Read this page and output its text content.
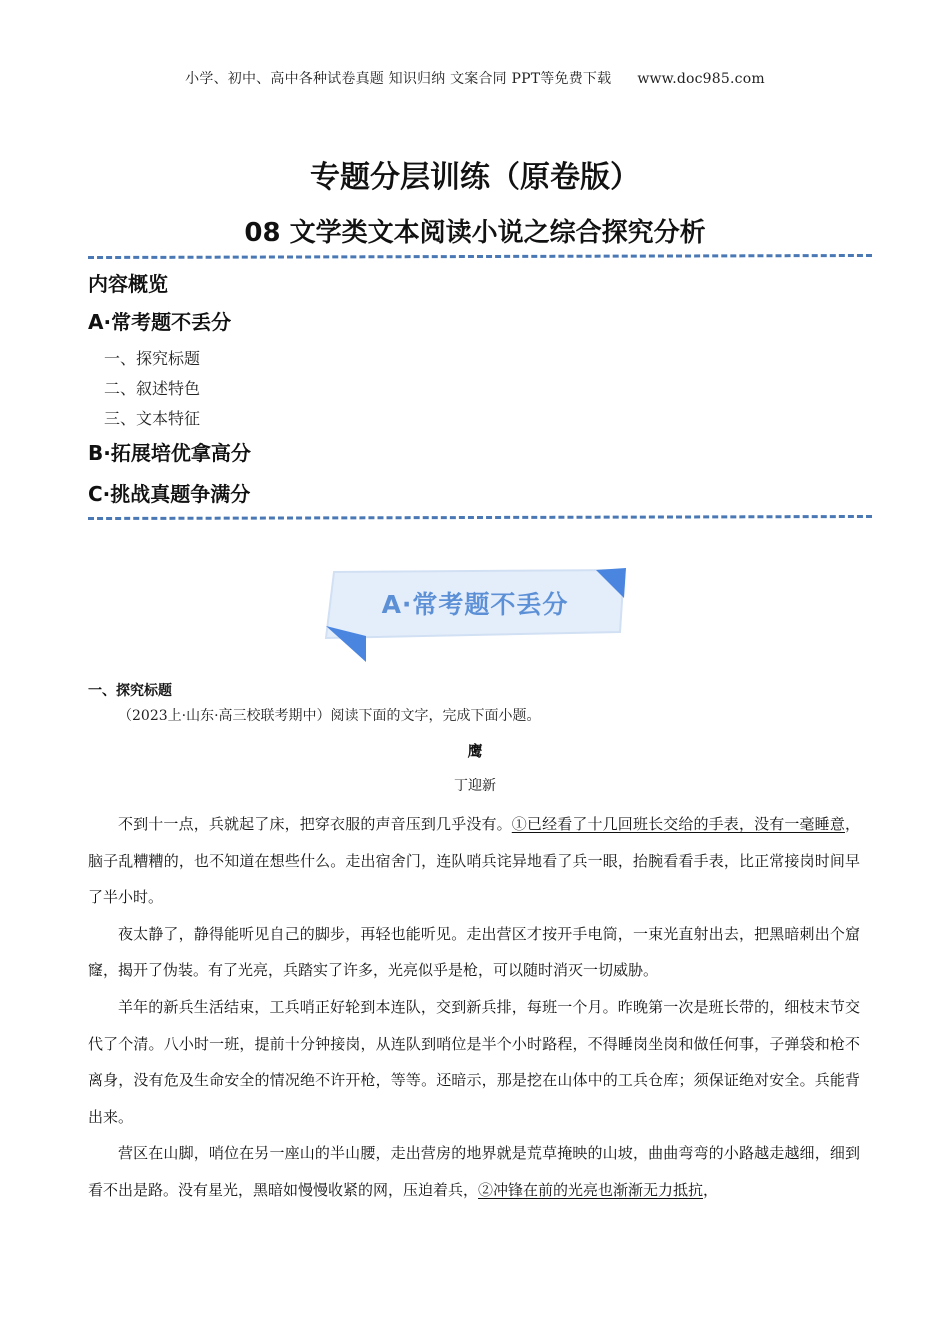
小学、初中、高中各种试卷真题 知识归纳 文案合同 PPT等免费下载 www.doc985.com
专题分层训练（原卷版）
08 文学类文本阅读小说之综合探究分析
内容概览
A·常考题不丢分
一、探究标题
二、叙述特色
三、文本特征
B·拓展培优拿高分
C·挑战真题争满分
A·常考题不丢分
一、探究标题
（2023上·山东·高三校联考期中）阅读下面的文字，完成下面小题。
鹰
丁迎新

不到十一点，兵就起了床，把穿衣服的声音压到几乎没有。①已经看了十几回班长交给的手表，没有一毫睡意，脑子乱糟糟的，也不知道在想些什么。走出宿舍门，连队哨兵诧异地看了兵一眼，抬腕看看手表，比正常接岗时间早了半小时。

夜太静了，静得能听见自己的脚步，再轻也能听见。走出营区才按开手电筒，一束光直射出去，把黑暗刺出个窟窿，揭开了伪装。有了光亮，兵踏实了许多，光亮似乎是枪，可以随时消灭一切威胁。

羊年的新兵生活结束，工兵哨正好轮到本连队，交到新兵排，每班一个月。昨晚第一次是班长带的，细枝末节交代了个清。八小时一班，提前十分钟接岗，从连队到哨位是半个小时路程，不得睡岗坐岗和做任何事，子弹袋和枪不离身，没有危及生命安全的情况绝不许开枪，等等。还暗示，那是挖在山体中的工兵仓库；须保证绝对安全。兵能背出来。

营区在山脚，哨位在另一座山的半山腰，走出营房的地界就是荒草掩映的山坡，曲曲弯弯的小路越走越细，细到看不出是路。没有星光，黑暗如慢慢收紧的网，压迫着兵，②冲锋在前的光亮也渐渐无力抵抗，
